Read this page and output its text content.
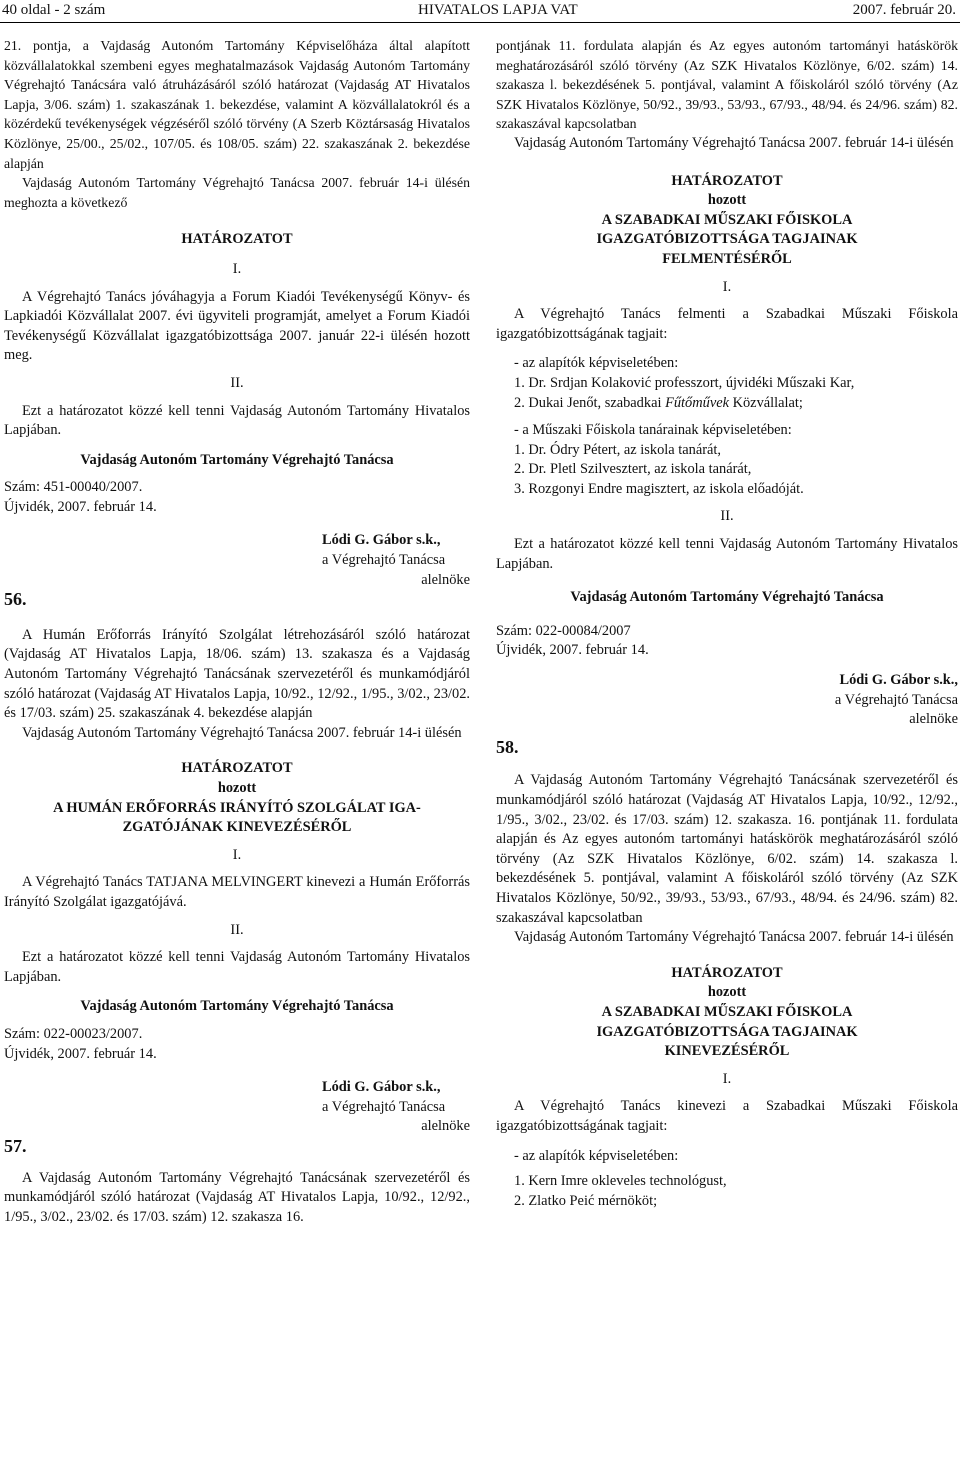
40 oldal - 2 szám	HIVATALOS LAPJA VAT	2007. február 20.

21. pontja, a Vajdaság Autonóm Tartomány Képviselőháza által alapított közvállalatokkal szembeni egyes meghatalmazások Vajdaság Autonóm Tartomány Végrehajtó Tanácsára való átruházásáról szóló határozat (Vajdaság AT Hivatalos Lapja, 3/06. szám) 1. szakaszának 1. bekezdése, valamint A közvállalatokról és a közérdekű tevékenységek végzéséről szóló törvény (A Szerb Köztársaság Hivatalos Közlönye, 25/00., 25/02., 107/05. és 108/05. szám) 22. szakaszának 2. bekezdése alapján

Vajdaság Autonóm Tartomány Végrehajtó Tanácsa 2007. február 14-i ülésén meghozta a következő

HATÁROZATOT

I.

A Végrehajtó Tanács jóváhagyja a Forum Kiadói Tevékenységű Könyv- és Lapkiadói Közvállalat 2007. évi ügyviteli programját, amelyet a Forum Kiadói Tevékenységű Közvállalat igazgatóbizottsága 2007. január 22-i ülésén hozott meg.

II.

Ezt a határozatot közzé kell tenni Vajdaság Autonóm Tartomány Hivatalos Lapjában.

Vajdaság Autonóm Tartomány Végrehajtó Tanácsa

Szám: 451-00040/2007.

Újvidék, 2007. február 14.

Lódi G. Gábor s.k.,

a Végrehajtó Tanácsa

alelnöke

56.

A Humán Erőforrás Irányító Szolgálat létrehozásáról szóló határozat (Vajdaság AT Hivatalos Lapja, 18/06. szám) 13. szakasza és a Vajdaság Autonóm Tartomány Végrehajtó Tanácsának szervezetéről és munkamódjáról szóló határozat (Vajdaság AT Hivatalos Lapja, 10/92., 12/92., 1/95., 3/02., 23/02. és 17/03. szám) 25. szakaszának 4. bekezdése alapján

Vajdaság Autonóm Tartomány Végrehajtó Tanácsa 2007. február 14-i ülésén

HATÁROZATOT

hozott

A HUMÁN ERŐFORRÁS IRÁNYÍTÓ SZOLGÁLAT IGA-

ZGATÓJÁNAK KINEVEZÉSÉRŐL

I.

A Végrehajtó Tanács TATJANA MELVINGERT kinevezi a Humán Erőforrás Irányító Szolgálat igazgatójává.

II.

Ezt a határozatot közzé kell tenni Vajdaság Autonóm Tartomány Hivatalos Lapjában.

Vajdaság Autonóm Tartomány Végrehajtó Tanácsa

Szám: 022-00023/2007.

Újvidék, 2007. február 14.

Lódi G. Gábor s.k.,

a Végrehajtó Tanácsa

alelnöke

57.

A Vajdaság Autonóm Tartomány Végrehajtó Tanácsának szervezetéről és munkamódjáról szóló határozat (Vajdaság AT Hivatalos Lapja, 10/92., 12/92., 1/95., 3/02., 23/02. és 17/03. szám) 12. szakasza 16.

pontjának 11. fordulata alapján és Az egyes autonóm tartományi hatáskörök meghatározásáról szóló törvény (Az SZK Hivatalos Közlönye, 6/02. szám) 14. szakasza l. bekezdésének 5. pontjával, valamint A főiskoláról szóló törvény (Az SZK Hivatalos Közlönye, 50/92., 39/93., 53/93., 67/93., 48/94. és 24/96. szám) 82. szakaszával kapcsolatban

Vajdaság Autonóm Tartomány Végrehajtó Tanácsa 2007. február 14-i ülésén

HATÁROZATOT

hozott

A SZABADKAI MŰSZAKI FŐISKOLA

IGAZGATÓBIZOTTSÁGA TAGJAINAK

FELMENTÉSÉRŐL

I.

A Végrehajtó Tanács felmenti a Szabadkai Műszaki Főiskola igazgatóbizottságának tagjait:

- az alapítók képviseletében:

1. Dr. Srdjan Kolaković professzort, újvidéki Műszaki Kar,

2. Dukai Jenőt, szabadkai Fűtőművek Közvállalat;

- a Műszaki Főiskola tanárainak képviseletében:

1. Dr. Ódry Pétert, az iskola tanárát,

2. Dr. Pletl Szilvesztert, az iskola tanárát,

3. Rozgonyi Endre magisztert, az iskola előadóját.

II.

Ezt a határozatot közzé kell tenni Vajdaság Autonóm Tartomány Hivatalos Lapjában.

Vajdaság Autonóm Tartomány Végrehajtó Tanácsa

Szám: 022-00084/2007

Újvidék, 2007. február 14.

Lódi G. Gábor s.k.,

a Végrehajtó Tanácsa

alelnöke

58.

A Vajdaság Autonóm Tartomány Végrehajtó Tanácsának szervezetéről és munkamódjáról szóló határozat (Vajdaság AT Hivatalos Lapja, 10/92., 12/92., 1/95., 3/02., 23/02. és 17/03. szám) 12. szakasza. 16. pontjának 11. fordulata alapján és Az egyes autonóm tartományi hatáskörök meghatározásáról szóló törvény (Az SZK Hivatalos Közlönye, 6/02. szám) 14. szakasza l. bekezdésének 5. pontjával, valamint A főiskoláról szóló törvény (Az SZK Hivatalos Közlönye, 50/92., 39/93., 53/93., 67/93., 48/94. és 24/96. szám) 82. szakaszával kapcsolatban

Vajdaság Autonóm Tartomány Végrehajtó Tanácsa 2007. február 14-i ülésén

HATÁROZATOT

hozott

A SZABADKAI MŰSZAKI FŐISKOLA

IGAZGATÓBIZOTTSÁGA TAGJAINAK

KINEVEZÉSÉRŐL

I.

A Végrehajtó Tanács kinevezi a Szabadkai Műszaki Főiskola igazgatóbizottságának tagjait:

- az alapítók képviseletében:

1. Kern Imre okleveles technológust,

2. Zlatko Peić mérnököt;
